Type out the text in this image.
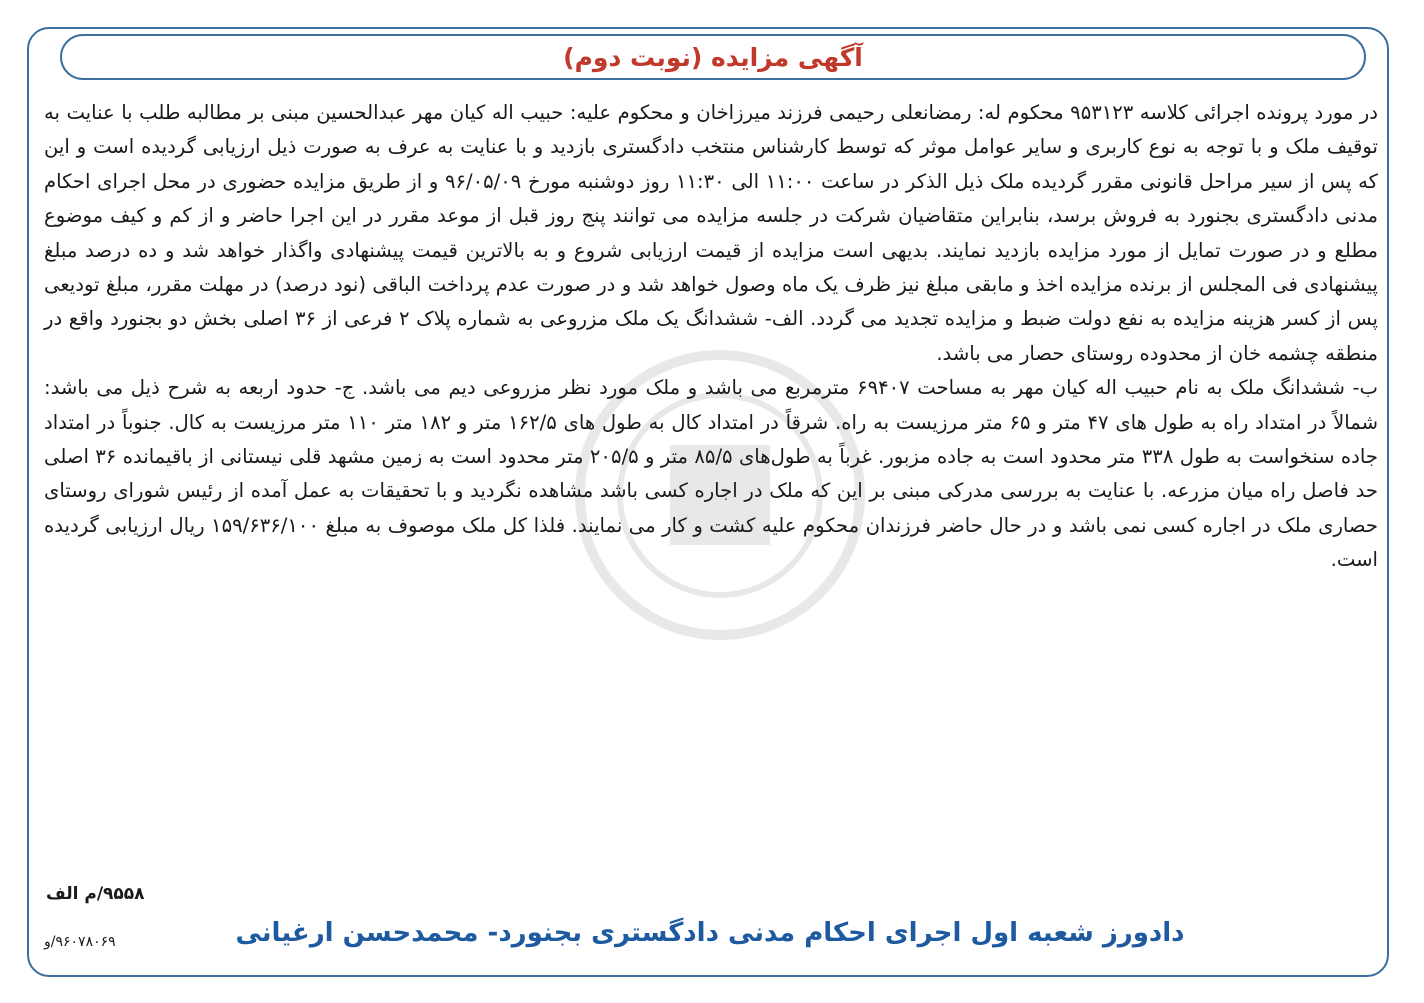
آگهی مزایده (نوبت دوم)

در مورد پرونده اجرائی کلاسه ۹۵۳۱۲۳ محکوم له: رمضانعلی رحیمی فرزند میرزاخان و محکوم علیه: حبیب اله کیان مهر عبدالحسین مبنی بر مطالبه طلب با عنایت به توقیف ملک و با توجه به نوع کاربری و سایر عوامل موثر که توسط کارشناس منتخب دادگستری بازدید و با عنایت به عرف به صورت ذیل ارزیابی گردیده است و این که پس از سیر مراحل قانونی مقرر گردیده ملک ذیل الذکر در ساعت ۱۱:۰۰ الی ۱۱:۳۰ روز دوشنبه مورخ ۹۶/۰۵/۰۹ و از طریق مزایده حضوری در محل اجرای احکام مدنی دادگستری بجنورد به فروش برسد، بنابراین متقاضیان شرکت در جلسه مزایده می توانند پنج روز قبل از موعد مقرر در این اجرا حاضر و از کم و کیف موضوع مطلع و در صورت تمایل از مورد مزایده بازدید نمایند. بدیهی است مزایده از قیمت ارزیابی شروع و به بالاترین قیمت پیشنهادی واگذار خواهد شد و ده درصد مبلغ پیشنهادی فی المجلس از برنده مزایده اخذ و مابقی مبلغ نیز ظرف یک ماه وصول خواهد شد و در صورت عدم پرداخت الباقی (نود درصد) در مهلت مقرر، مبلغ تودیعی پس از کسر هزینه مزایده به نفع دولت ضبط و مزایده تجدید می گردد. الف- ششدانگ یک ملک مزروعی به شماره پلاک ۲ فرعی از ۳۶ اصلی بخش دو بجنورد واقع در منطقه چشمه خان از محدوده روستای حصار می باشد.

ب- ششدانگ ملک به نام حبیب اله کیان مهر به مساحت ۶۹۴۰۷ مترمربع می باشد و ملک مورد نظر مزروعی دیم می باشد. ج- حدود اربعه به شرح ذیل می باشد: شمالاً در امتداد راه به طول های ۴۷ متر و ۶۵ متر مرزیست به راه. شرقاً در امتداد کال به طول های ۱۶۲/۵ متر و ۱۸۲ متر ۱۱۰ متر مرزیست به کال. جنوباً در امتداد جاده سنخواست به طول ۳۳۸ متر محدود است به جاده مزبور. غرباً به طول‌های ۸۵/۵ متر و ۲۰۵/۵ متر محدود است به زمین مشهد قلی نیستانی از باقیمانده ۳۶ اصلی حد فاصل راه میان مزرعه. با عنایت به بررسی مدرکی مبنی بر این که ملک در اجاره کسی باشد مشاهده نگردید و با تحقیقات به عمل آمده از رئیس شورای روستای حصاری ملک در اجاره کسی نمی باشد و در حال حاضر فرزندان محکوم علیه کشت و کار می نمایند. فلذا کل ملک موصوف به مبلغ ۱۵۹/۶۳۶/۱۰۰ ریال ارزیابی گردیده است.

۹۵۵۸/م الف
۹۶۰۷۸۰۶۹/و	دادورز شعبه اول اجرای احکام مدنی دادگستری بجنورد- محمدحسن ارغیانی
